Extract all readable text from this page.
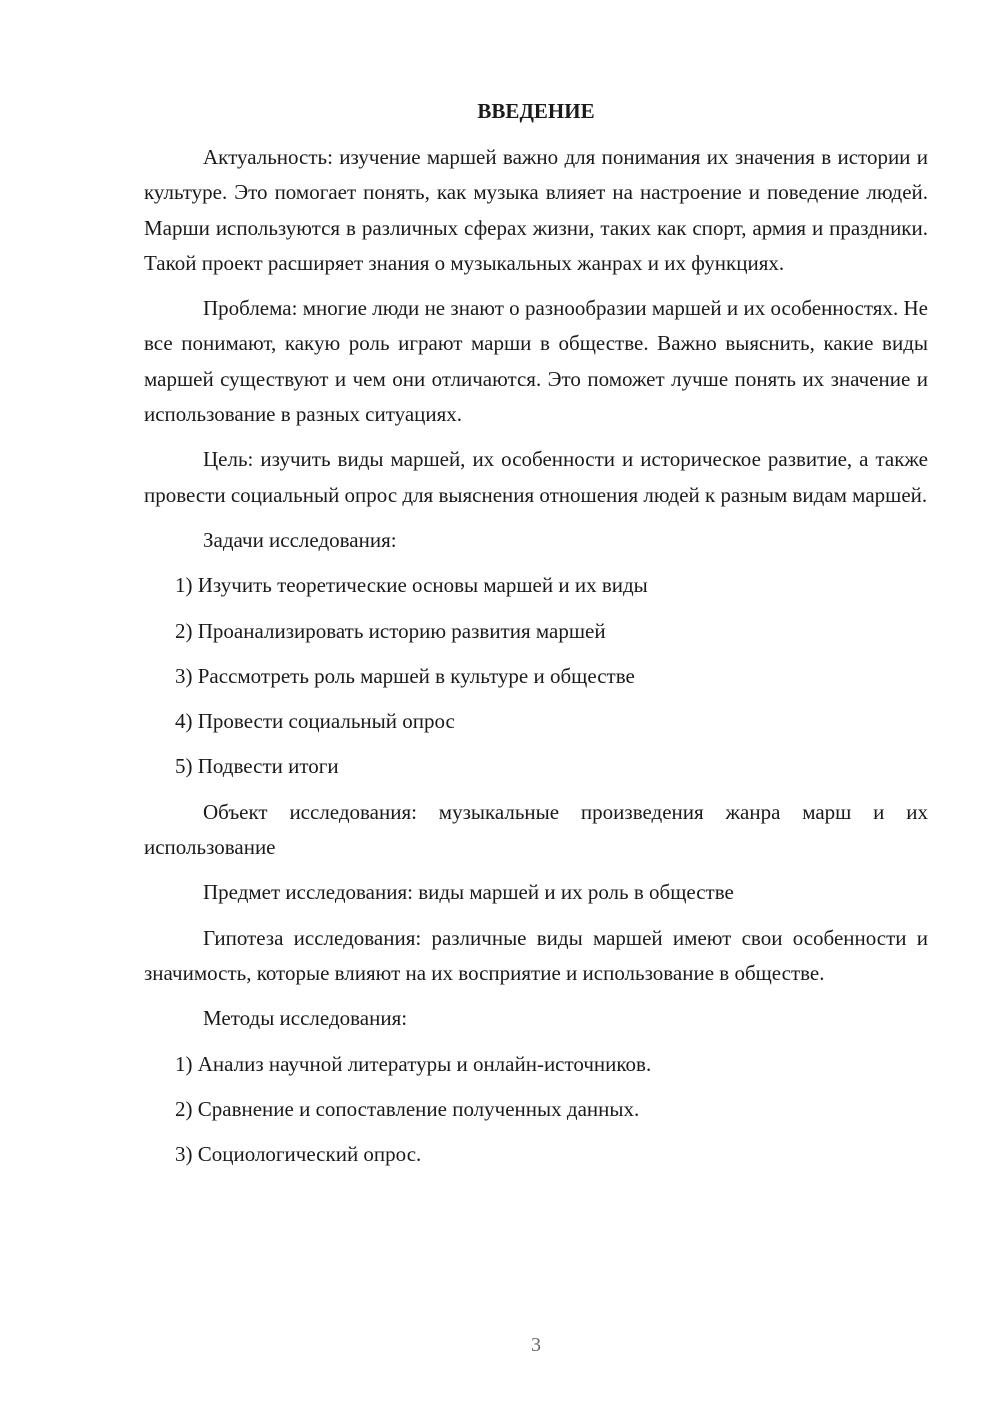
ВВЕДЕНИЕ

Актуальность: изучение маршей важно для понимания их значения в истории и культуре. Это помогает понять, как музыка влияет на настроение и поведение людей. Марши используются в различных сферах жизни, таких как спорт, армия и праздники. Такой проект расширяет знания о музыкальных жанрах и их функциях.

Проблема: многие люди не знают о разнообразии маршей и их особенностях. Не все понимают, какую роль играют марши в обществе. Важно выяснить, какие виды маршей существуют и чем они отличаются. Это поможет лучше понять их значение и использование в разных ситуациях.

Цель: изучить виды маршей, их особенности и историческое развитие, а также провести социальный опрос для выяснения отношения людей к разным видам маршей.

Задачи исследования:

1) Изучить теоретические основы маршей и их виды

2) Проанализировать историю развития маршей

3) Рассмотреть роль маршей в культуре и обществе

4) Провести социальный опрос

5) Подвести итоги

Объект исследования: музыкальные произведения жанра марш и их использование

Предмет исследования: виды маршей и их роль в обществе

Гипотеза исследования: различные виды маршей имеют свои особенности и значимость, которые влияют на их восприятие и использование в обществе.

Методы исследования:

1) Анализ научной литературы и онлайн-источников.

2) Сравнение и сопоставление полученных данных.

3) Социологический опрос.

3
